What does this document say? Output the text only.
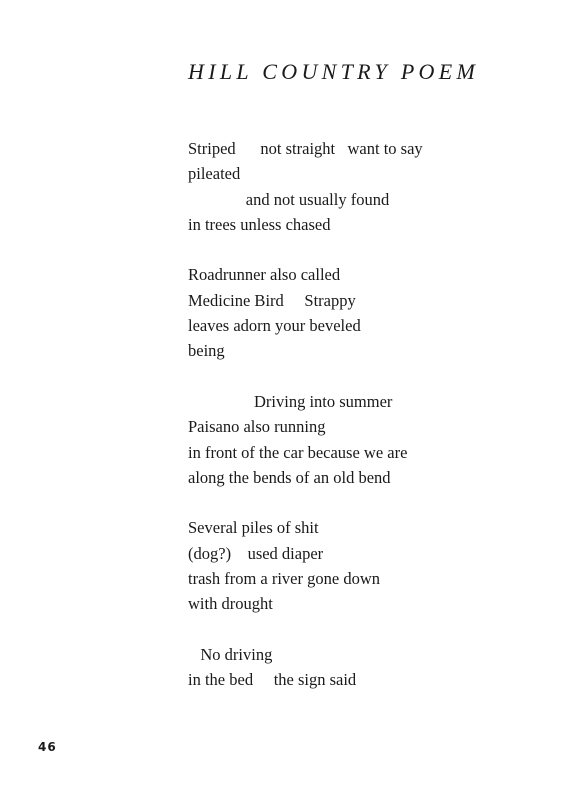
HILL COUNTRY POEM
Striped      not straight   want to say
pileated
and not usually found
in trees unless chased
Roadrunner also called
Medicine Bird     Strappy
leaves adorn your beveled
being
Driving into summer
Paisano also running
in front of the car because we are
along the bends of an old bend
Several piles of shit
(dog?)    used diaper
trash from a river gone down
with drought
No driving
in the bed     the sign said
46
